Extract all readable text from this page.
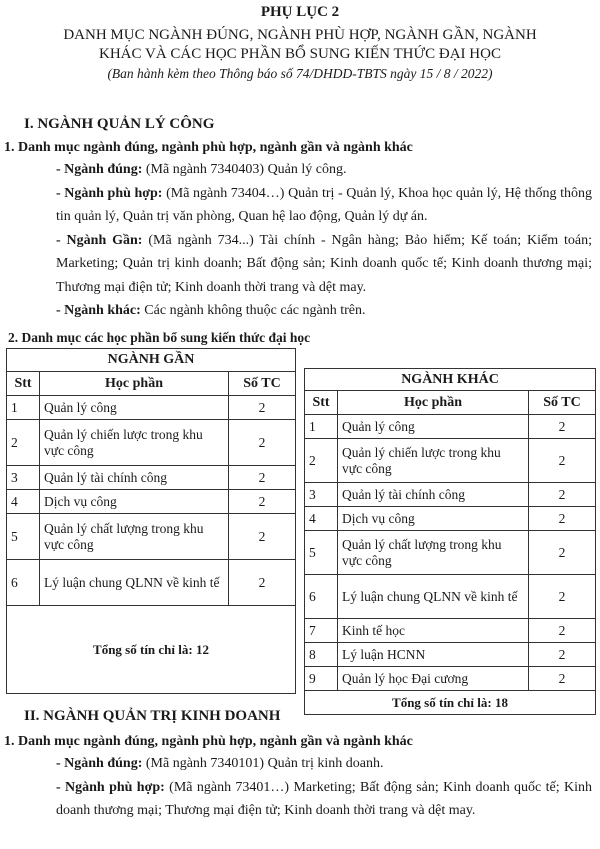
PHỤ LỤC 2
DANH MỤC NGÀNH ĐÚNG, NGÀNH PHÙ HỢP, NGÀNH GẦN, NGÀNH
KHÁC VÀ CÁC HỌC PHẦN BỔ SUNG KIẾN THỨC ĐẠI HỌC
(Ban hành kèm theo Thông báo số 74/DHDD-TBTS ngày 15 / 8 / 2022)
I. NGÀNH QUẢN LÝ CÔNG
1. Danh mục ngành đúng, ngành phù hợp, ngành gần và ngành khác
- Ngành đúng: (Mã ngành 7340403) Quản lý công.
- Ngành phù hợp: (Mã ngành 73404…) Quản trị - Quản lý, Khoa học quản lý, Hệ thống thông tin quản lý, Quản trị văn phòng, Quan hệ lao động, Quản lý dự án.
- Ngành Gần: (Mã ngành 734...) Tài chính - Ngân hàng; Bảo hiểm; Kế toán; Kiểm toán; Marketing; Quản trị kinh doanh; Bất động sản; Kinh doanh quốc tế; Kinh doanh thương mại; Thương mại điện tử; Kinh doanh thời trang và dệt may.
- Ngành khác: Các ngành không thuộc các ngành trên.
2. Danh mục các học phần bổ sung kiến thức đại học
NGÀNH GẦN		
Stt	Học phần	Số TC
1	Quản lý công	2
2	Quản lý chiến lược trong khu vực công	2
3	Quản lý tài chính công	2
4	Dịch vụ công	2
5	Quản lý chất lượng trong khu vực công	2
6	Lý luận chung QLNN về kinh tế	2
Tổng số tín chỉ là: 12		
NGÀNH KHÁC		
Stt	Học phần	Số TC
1	Quản lý công	2
2	Quản lý chiến lược trong khu vực công	2
3	Quản lý tài chính công	2
4	Dịch vụ công	2
5	Quản lý chất lượng trong khu vực công	2
6	Lý luận chung QLNN về kinh tế	2
7	Kinh tế học	2
8	Lý luận HCNN	2
9	Quản lý học Đại cương	2
Tổng số tín chỉ là: 18		
II. NGÀNH QUẢN TRỊ KINH DOANH
1. Danh mục ngành đúng, ngành phù hợp, ngành gần và ngành khác
- Ngành đúng: (Mã ngành 7340101) Quản trị kinh doanh.
- Ngành phù hợp: (Mã ngành 73401…) Marketing; Bất động sản; Kinh doanh quốc tế; Kinh doanh thương mại; Thương mại điện tử; Kinh doanh thời trang và dệt may.
